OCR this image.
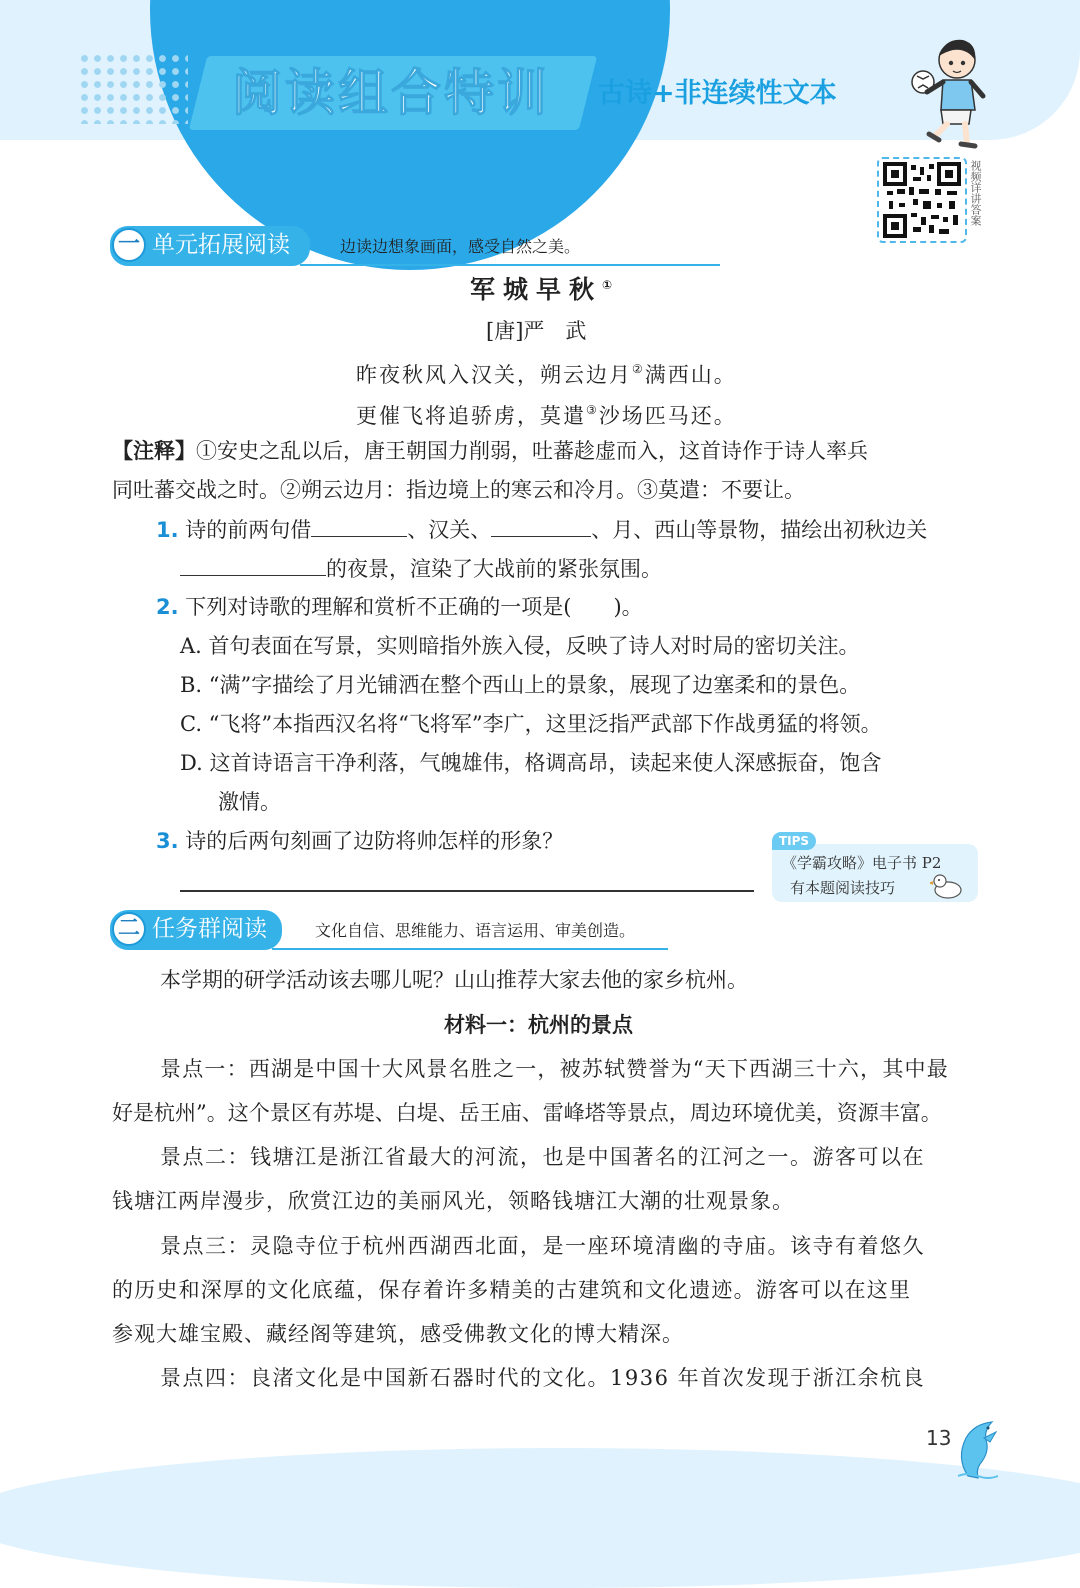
阅读组合特训	古诗+非连续性文本
视频详讲答案
一 单元拓展阅读	边读边想象画面，感受自然之美。
军城早秋①
[唐]严　武
昨夜秋风入汉关，朔云边月②满西山。
更催飞将追骄虏，莫遣③沙场匹马还。
【注释】①安史之乱以后，唐王朝国力削弱，吐蕃趁虚而入，这首诗作于诗人率兵
同吐蕃交战之时。②朔云边月：指边境上的寒云和冷月。③莫遣：不要让。
1. 诗的前两句借	、汉关、	、月、西山等景物，描绘出初秋边关
的夜景，渲染了大战前的紧张氛围。
2. 下列对诗歌的理解和赏析不正确的一项是(　　)。
A. 首句表面在写景，实则暗指外族入侵，反映了诗人对时局的密切关注。
B. “满”字描绘了月光铺洒在整个西山上的景象，展现了边塞柔和的景色。
C. “飞将”本指西汉名将“飞将军”李广，这里泛指严武部下作战勇猛的将领。
D. 这首诗语言干净利落，气魄雄伟，格调高昂，读起来使人深感振奋，饱含
激情。
3. 诗的后两句刻画了边防将帅怎样的形象？	TIPS
《学霸攻略》电子书 P2
有本题阅读技巧
二 任务群阅读	文化自信、思维能力、语言运用、审美创造。
本学期的研学活动该去哪儿呢？山山推荐大家去他的家乡杭州。
材料一：杭州的景点
景点一：西湖是中国十大风景名胜之一，被苏轼赞誉为“天下西湖三十六，其中最
好是杭州”。这个景区有苏堤、白堤、岳王庙、雷峰塔等景点，周边环境优美，资源丰富。
景点二：钱塘江是浙江省最大的河流，也是中国著名的江河之一。游客可以在
钱塘江两岸漫步，欣赏江边的美丽风光，领略钱塘江大潮的壮观景象。
景点三：灵隐寺位于杭州西湖西北面，是一座环境清幽的寺庙。该寺有着悠久
的历史和深厚的文化底蕴，保存着许多精美的古建筑和文化遗迹。游客可以在这里
参观大雄宝殿、藏经阁等建筑，感受佛教文化的博大精深。
景点四：良渚文化是中国新石器时代的文化。1936 年首次发现于浙江余杭良
13
